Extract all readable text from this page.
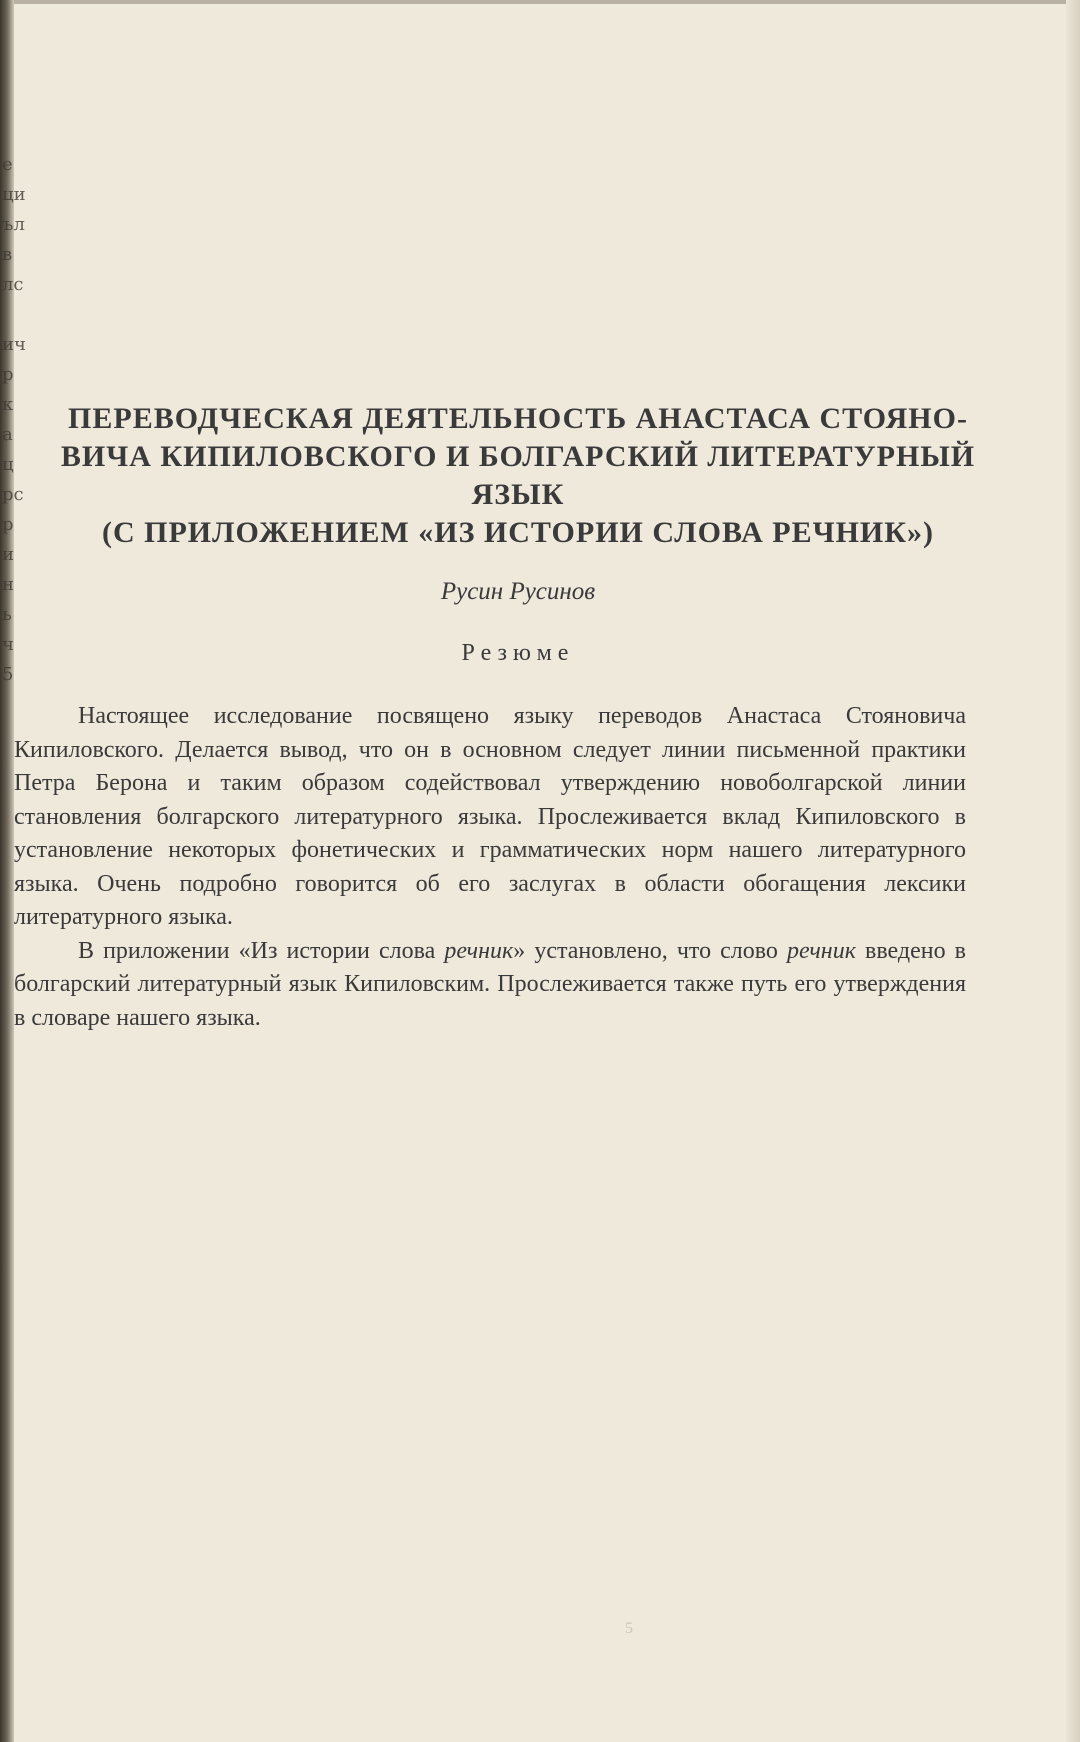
е
ци
ъл
в
лс
ич
р
к
а
ц
рс
р
и
н
ь
ч
5
ПЕРЕВОДЧЕСКАЯ ДЕЯТЕЛЬНОСТЬ АНАСТАСА СТОЯНО-
ВИЧА КИПИЛОВСКОГО И БОЛГАРСКИЙ ЛИТЕРАТУРНЫЙ
ЯЗЫК
(С ПРИЛОЖЕНИЕМ «ИЗ ИСТОРИИ СЛОВА РЕЧНИК»)
Русин Русинов
Резюме

Настоящее исследование посвящено языку переводов Анастаса Стояновича Кипиловского. Делается вывод, что он в основном следует линии письменной практики Петра Берона и таким образом содействовал утверждению новоболгарской линии становления болгарского литературного языка. Прослеживается вклад Кипиловского в установление некоторых фонетических и грамматических норм нашего литературного языка. Очень подробно говорится об его заслугах в области обогащения лексики литературного языка.

В приложении «Из истории слова речник» установлено, что слово речник введено в болгарский литературный язык Кипиловским. Прослеживается также путь его утверждения в словаре нашего языка.

5
